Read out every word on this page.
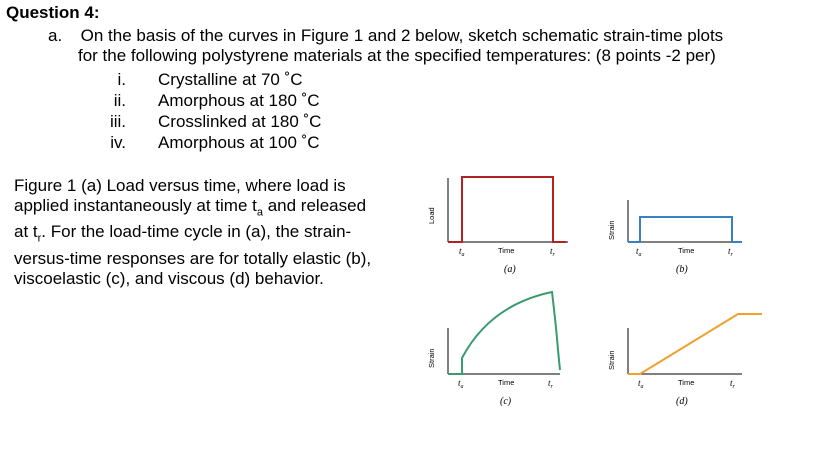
Question 4:
a. On the basis of the curves in Figure 1 and 2 below, sketch schematic strain-time plots
for the following polystyrene materials at the specified temperatures: (8 points -2 per)
i. Crystalline at 70 ˚C
ii. Amorphous at 180 ˚C
iii. Crosslinked at 180 ˚C
iv. Amorphous at 100 ˚C
Figure 1 (a) Load versus time, where load is
applied instantaneously at time $t_a$ and released
at $t_r$. For the load-time cycle in (a), the strain-
versus-time responses are for totally elastic (b),
viscoelastic (c), and viscous (d) behavior.
Load
$t_a$	Time	$t_r$
(a)
Strain
$t_a$	Time	$t_r$
(b)
Strain
$t_a$	Time	$t_r$
(c)
Strain
$t_a$	Time	$t_r$
(d)
